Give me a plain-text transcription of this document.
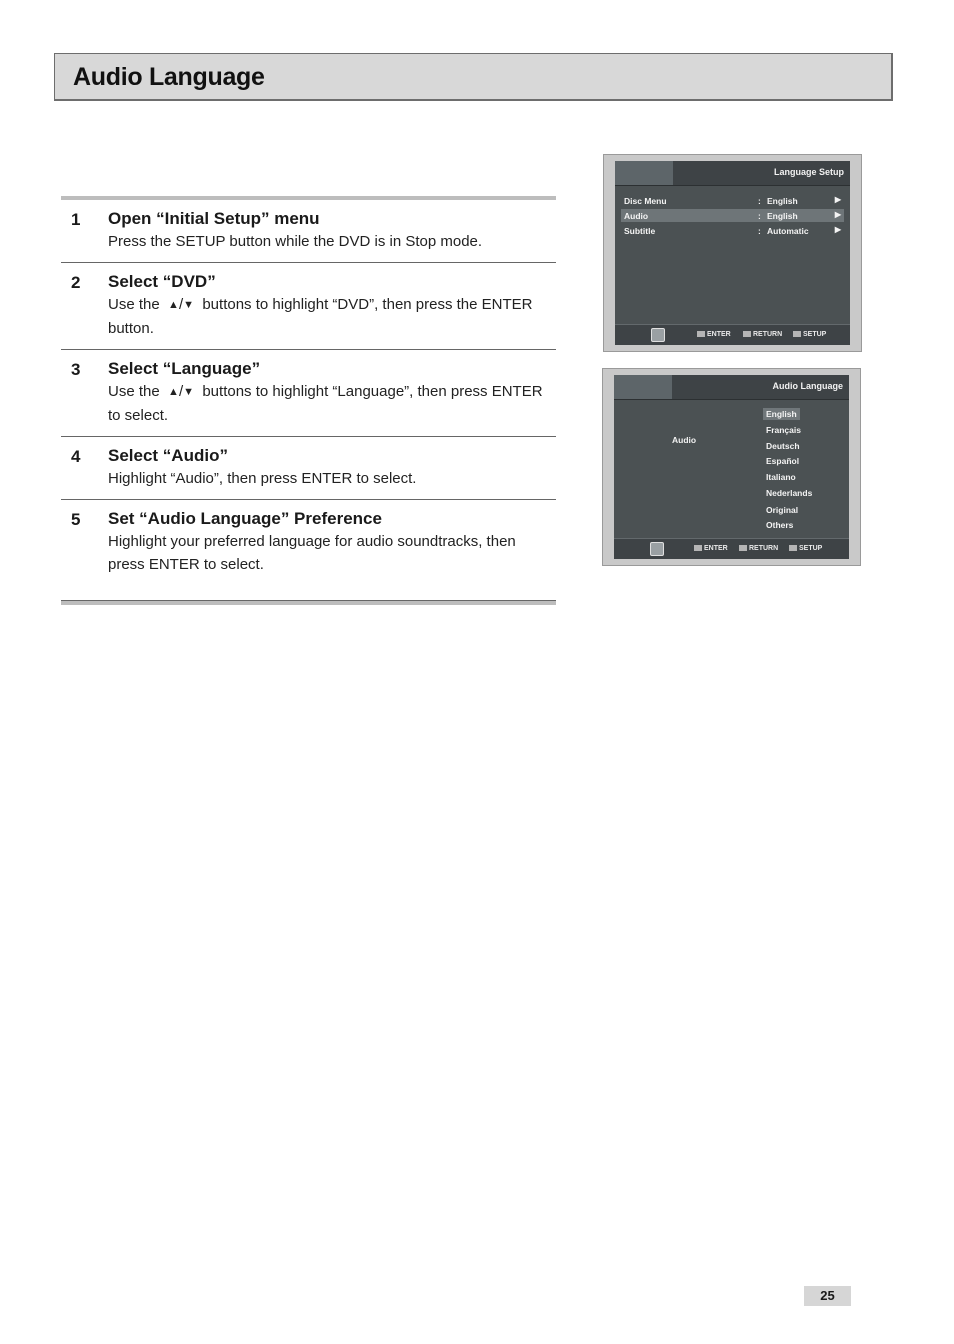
Audio Language
1 Open “Initial Setup” menu
Press the SETUP button while the DVD is in Stop mode.
2 Select “DVD”
Use the ▲/▼ buttons to highlight “DVD”, then press the ENTER button.
3 Select “Language”
Use the ▲/▼ buttons to highlight “Language”, then press ENTER to select.
4 Select “Audio”
Highlight “Audio”, then press ENTER to select.
5 Set “Audio Language” Preference
Highlight your preferred language for audio soundtracks, then press ENTER to select.
Language Setup
Disc Menu	: English	▶
Audio	: English	▶
Subtitle	: Automatic	▶
ENTER	RETURN	SETUP
Audio Language
Audio
English
Français
Deutsch
Español
Italiano
Nederlands
Original
Others
ENTER	RETURN	SETUP
25
